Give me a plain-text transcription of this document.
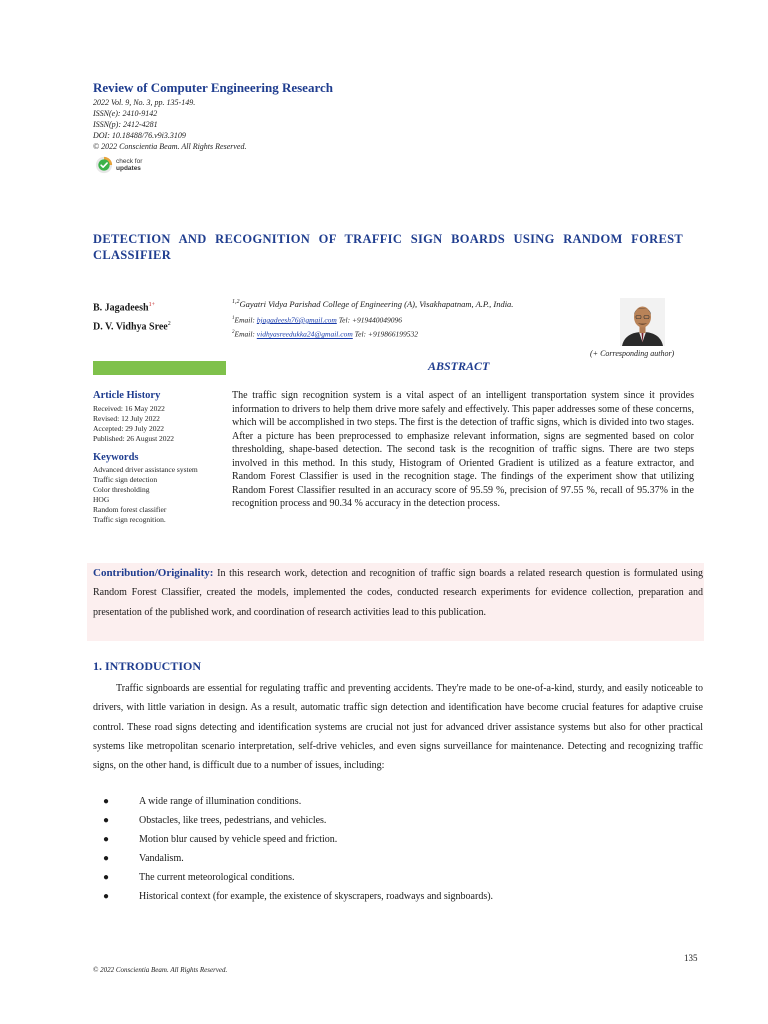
Review of Computer Engineering Research
2022 Vol. 9, No. 3, pp. 135-149.
ISSN(e): 2410-9142
ISSN(p): 2412-4281
DOI: 10.18488/76.v9i3.3109
© 2022 Conscientia Beam. All Rights Reserved.
check for
updates
DETECTION AND RECOGNITION OF TRAFFIC SIGN BOARDS USING RANDOM FOREST CLASSIFIER
B. Jagadeesh$^{1+}$
D. V. Vidhya Sree$^2$
$^{1,2}$Gayatri Vidya Parishad College of Engineering (A), Visakhapatnam, A.P., India.
$^1$Email: bjagadeesh76@gmail.com Tel: +919440049096
$^2$Email: vidhyasreedukka24@gmail.com Tel: +919866199532
(+ Corresponding author)
ABSTRACT
Article History
Received: 16 May 2022
Revised: 12 July 2022
Accepted: 29 July 2022
Published: 26 August 2022
Keywords
Advanced driver assistance system
Traffic sign detection
Color thresholding
HOG
Random forest classifier
Traffic sign recognition.
The traffic sign recognition system is a vital aspect of an intelligent transportation system since it provides information to drivers to help them drive more safely and effectively. This paper addresses some of these concerns, which will be accomplished in two steps. The first is the detection of traffic signs, which is divided into two stages. After a picture has been preprocessed to emphasize relevant information, signs are segmented based on color thresholding, shape-based detection. The second task is the recognition of traffic signs. There are two steps involved in this method. In this study, Histogram of Oriented Gradient is utilized as a feature extractor, and Random Forest Classifier is used in the recognition stage. The findings of the experiment show that utilizing Random Forest Classifier resulted in an accuracy score of 95.59 %, precision of 97.55 %, recall of 95.37% in the recognition process and 90.34 % accuracy in the detection process.
Contribution/Originality: In this research work, detection and recognition of traffic sign boards a related research question is formulated using Random Forest Classifier, created the models, implemented the codes, conducted research experiments for evidence collection, preparation and presentation of the published work, and coordination of research activities lead to this publication.
1. INTRODUCTION

Traffic signboards are essential for regulating traffic and preventing accidents. They're made to be one-of-a-kind, sturdy, and easily noticeable to drivers, with little variation in design. As a result, automatic traffic sign detection and identification have become crucial features for adaptive cruise control. These road signs detecting and identification systems are crucial not just for advanced driver assistance systems but also for other practical systems like metropolitan scenario interpretation, self-drive vehicles, and even signs surveillance for maintenance. Detecting and recognizing traffic signs, on the other hand, is difficult due to a number of issues, including:

●	A wide range of illumination conditions.
●	Obstacles, like trees, pedestrians, and vehicles.
●	Motion blur caused by vehicle speed and friction.
●	Vandalism.
●	The current meteorological conditions.
●	Historical context (for example, the existence of skyscrapers, roadways and signboards).
135
© 2022 Conscientia Beam. All Rights Reserved.
